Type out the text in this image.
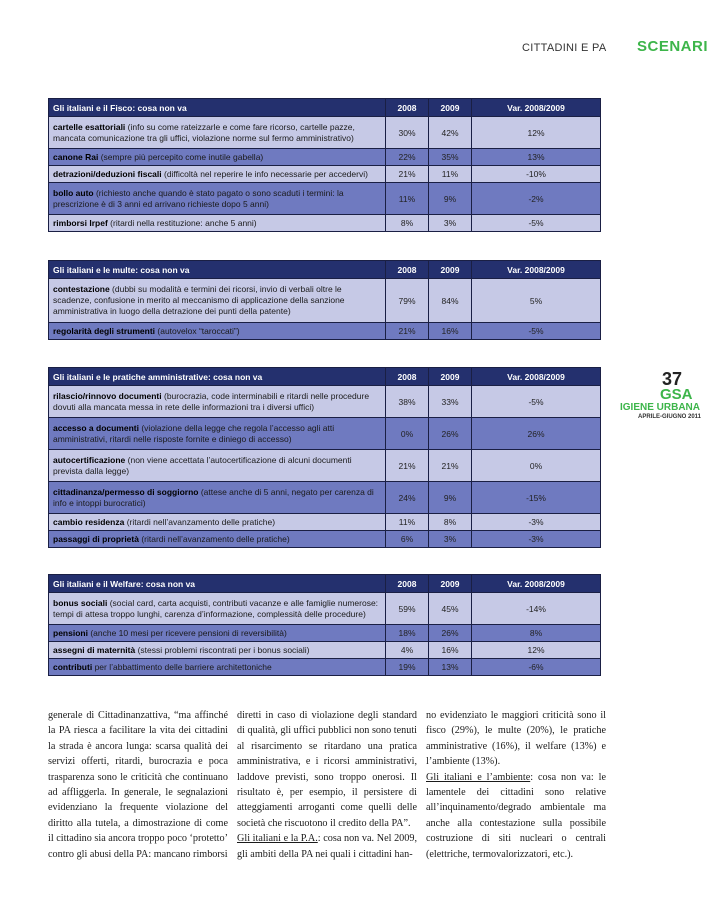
CITTADINI E PA SCENARI
37
GSA
IGIENE URBANA
APRILE-GIUGNO 2011
Gli italiani e il Fisco: cosa non va	2008	2009	Var. 2008/2009
cartelle esattoriali (info su come rateizzarle e come fare ricorso, cartelle pazze, mancata comunicazione tra gli uffici, violazione norme sul fermo amministrativo)	30%	42%	12%
canone Rai (sempre più percepito come inutile gabella)	22%	35%	13%
detrazioni/deduzioni fiscali (difficoltà nel reperire le info necessarie per accedervi)	21%	11%	-10%
bollo auto (richiesto anche quando è stato pagato o sono scaduti i termini: la prescrizione è di 3 anni ed arrivano richieste dopo 5 anni)	11%	9%	-2%
rimborsi Irpef (ritardi nella restituzione: anche 5 anni)	8%	3%	-5%
Gli italiani e le multe: cosa non va	2008	2009	Var. 2008/2009
contestazione (dubbi su modalità e termini dei ricorsi, invio di verbali oltre le scadenze, confusione in merito al meccanismo di applicazione della sanzione amministrativa in luogo della detrazione dei punti della patente)	79%	84%	5%
regolarità degli strumenti (autovelox “taroccati”)	21%	16%	-5%
Gli italiani e le pratiche amministrative: cosa non va	2008	2009	Var. 2008/2009
rilascio/rinnovo documenti (burocrazia, code interminabili e ritardi nelle procedure dovuti alla mancata messa in rete delle informazioni tra i diversi uffici)	38%	33%	-5%
accesso a documenti (violazione della legge che regola l’accesso agli atti amministrativi, ritardi nelle risposte fornite e diniego di accesso)	0%	26%	26%
autocertificazione (non viene accettata l’autocertificazione di alcuni documenti prevista dalla legge)	21%	21%	0%
cittadinanza/permesso di soggiorno (attese anche di 5 anni, negato per carenza di info e intoppi burocratici)	24%	9%	-15%
cambio residenza (ritardi nell’avanzamento delle pratiche)	11%	8%	-3%
passaggi di proprietà (ritardi nell’avanzamento delle pratiche)	6%	3%	-3%
Gli italiani e il Welfare: cosa non va	2008	2009	Var. 2008/2009
bonus sociali (social card, carta acquisti, contributi vacanze e alle famiglie numerose: tempi di attesa troppo lunghi, carenza d’informazione, complessità delle procedure)	59%	45%	-14%
pensioni (anche 10 mesi per ricevere pensioni di reversibilità)	18%	26%	8%
assegni di maternità (stessi problemi riscontrati per i bonus sociali)	4%	16%	12%
contributi per l’abbattimento delle barriere architettoniche	19%	13%	-6%

generale di Cittadinanzattiva, “ma affinché la PA riesca a facilitare la vita dei cittadini la strada è ancora lunga: scarsa qualità dei servizi offerti, ritardi, burocrazia e poca trasparenza sono le criticità che continuano ad affliggerla. In generale, le segnalazioni evidenziano la frequente violazione del diritto alla tutela, a dimostrazione di come il cittadino sia ancora troppo poco ‘protetto’ contro gli abusi della PA: mancano rimborsi

diretti in caso di violazione degli standard di qualità, gli uffici pubblici non sono tenuti al risarcimento se ritardano una pratica amministrativa, e i ricorsi amministrativi, laddove previsti, sono troppo onerosi. Il risultato è, per esempio, il persistere di atteggiamenti arroganti come quelli delle società che riscuotono il credito della PA”.

Gli italiani e la P.A.: cosa non va. Nel 2009, gli ambiti della PA nei quali i cittadini han-

no evidenziato le maggiori criticità sono il fisco (29%), le multe (20%), le pratiche amministrative (16%), il welfare (13%) e l’ambiente (13%).

Gli italiani e l’ambiente: cosa non va: le lamentele dei cittadini sono relative all’inquinamento/degrado ambientale ma anche alla contestazione sulla possibile costruzione di siti nucleari o centrali (elettriche, termovalorizzatori, etc.).
